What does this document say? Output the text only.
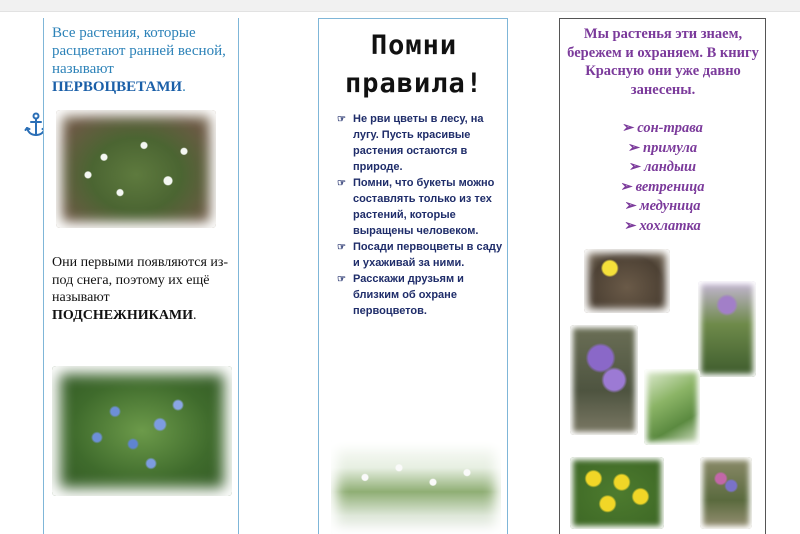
Все растения, которые расцветают ранней весной, называют ПЕРВОЦВЕТАМИ.

Они первыми появляются из-под снега, поэтому их ещё называют ПОДСНЕЖНИКАМИ.

Помни правила!
☞ Не рви цветы в лесу, на лугу. Пусть красивые растения остаются в природе.
☞ Помни, что букеты можно составлять только из тех растений, которые выращены человеком.
☞ Посади первоцветы в саду и ухаживай за ними.
☞ Расскажи друзьям и близким об охране первоцветов.

Мы растенья эти знаем, бережем и охраняем. В книгу Красную они уже давно занесены.

➢ сон-трава
➢ примула
➢ ландыш
➢ ветреница
➢ медуница
➢ хохлатка
